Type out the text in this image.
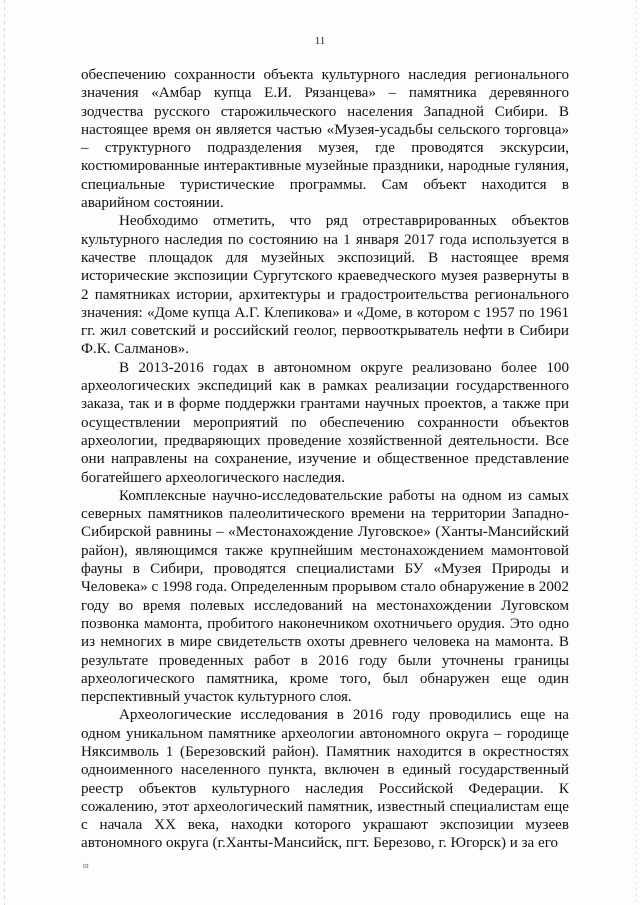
11

обеспечению сохранности объекта культурного наследия регионального значения «Амбар купца Е.И. Рязанцева» – памятника деревянного зодчества русского старожильческого населения Западной Сибири. В настоящее время он является частью «Музея-усадьбы сельского торговца» – структурного подразделения музея, где проводятся экскурсии, костюмированные интерактивные музейные праздники, народные гуляния, специальные туристические программы. Сам объект находится в аварийном состоянии.

Необходимо отметить, что ряд отреставрированных объектов культурного наследия по состоянию на 1 января 2017 года используется в качестве площадок для музейных экспозиций. В настоящее время исторические экспозиции Сургутского краеведческого музея развернуты в 2 памятниках истории, архитектуры и градостроительства регионального значения: «Доме купца А.Г. Клепикова» и «Доме, в котором с 1957 по 1961 гг. жил советский и российский геолог, первооткрыватель нефти в Сибири Ф.К. Салманов».

В 2013-2016 годах в автономном округе реализовано более 100 археологических экспедиций как в рамках реализации государственного заказа, так и в форме поддержки грантами научных проектов, а также при осуществлении мероприятий по обеспечению сохранности объектов археологии, предваряющих проведение хозяйственной деятельности. Все они направлены на сохранение, изучение и общественное представление богатейшего археологического наследия.

Комплексные научно-исследовательские работы на одном из самых северных памятников палеолитического времени на территории Западно-Сибирской равнины – «Местонахождение Луговское» (Ханты-Мансийский район), являющимся также крупнейшим местонахождением мамонтовой фауны в Сибири, проводятся специалистами БУ «Музея Природы и Человека» с 1998 года. Определенным прорывом стало обнаружение в 2002 году во время полевых исследований на местонахождении Луговском позвонка мамонта, пробитого наконечником охотничьего орудия. Это одно из немногих в мире свидетельств охоты древнего человека на мамонта. В результате проведенных работ в 2016 году были уточнены границы археологического памятника, кроме того, был обнаружен еще один перспективный участок культурного слоя.

Археологические исследования в 2016 году проводились еще на одном уникальном памятнике археологии автономного округа – городище Няксимволь 1 (Березовский район). Памятник находится в окрестностях одноименного населенного пункта, включен в единый государственный реестр объектов культурного наследия Российской Федерации. К сожалению, этот археологический памятник, известный специалистам еще с начала XX века, находки которого украшают экспозиции музеев автономного округа (г.Ханты-Мансийск, пгт. Березово, г. Югорск) и за его

ttt
